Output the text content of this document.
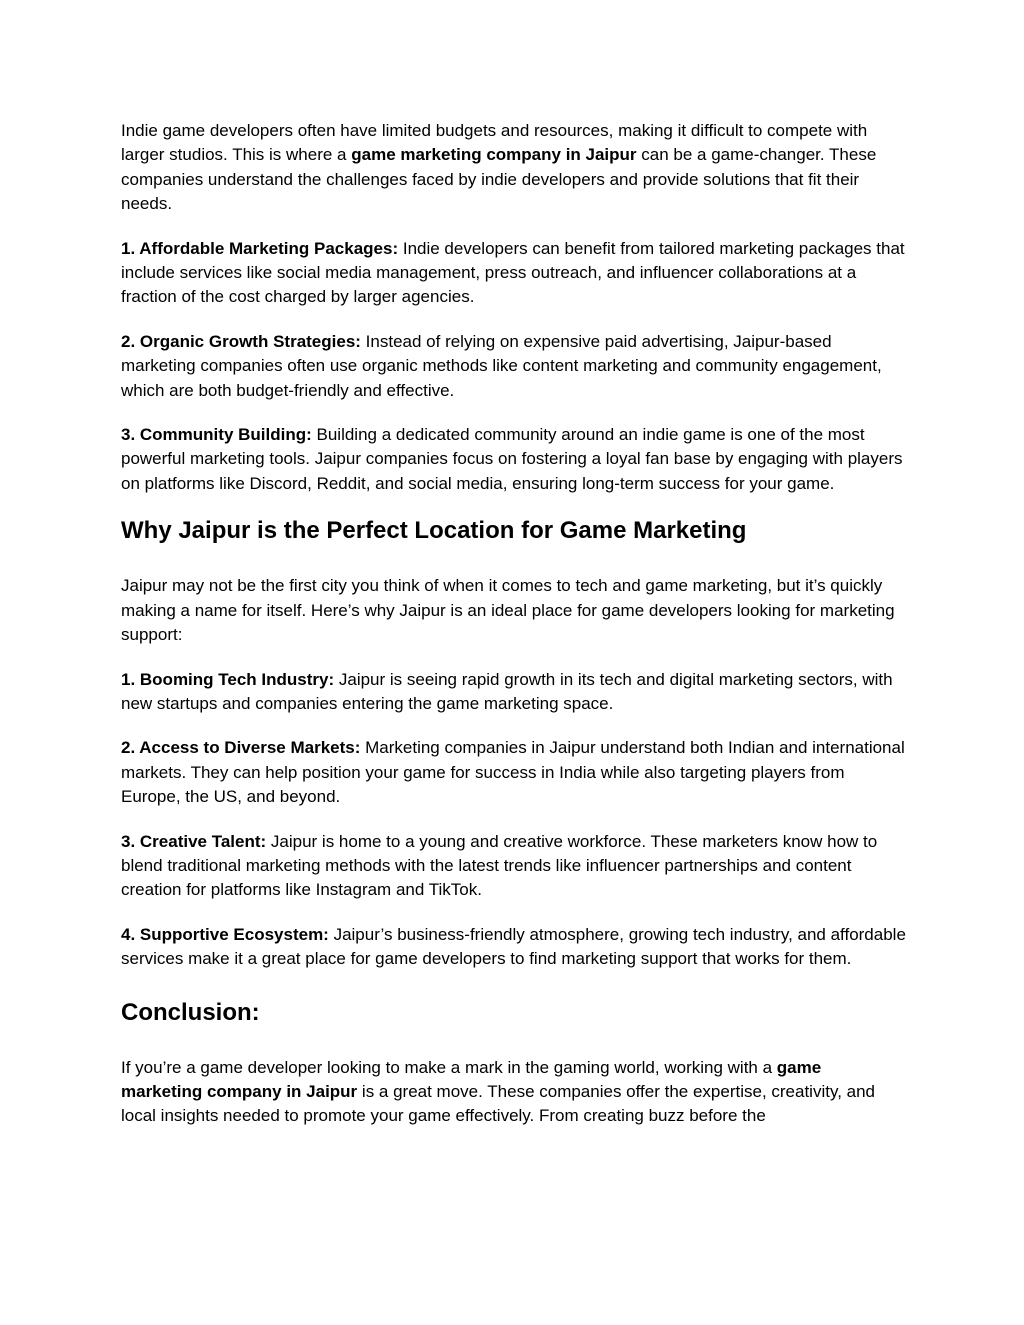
Indie game developers often have limited budgets and resources, making it difficult to compete with larger studios. This is where a game marketing company in Jaipur can be a game-changer. These companies understand the challenges faced by indie developers and provide solutions that fit their needs.

1. Affordable Marketing Packages: Indie developers can benefit from tailored marketing packages that include services like social media management, press outreach, and influencer collaborations at a fraction of the cost charged by larger agencies.

2. Organic Growth Strategies: Instead of relying on expensive paid advertising, Jaipur-based marketing companies often use organic methods like content marketing and community engagement, which are both budget-friendly and effective.

3. Community Building: Building a dedicated community around an indie game is one of the most powerful marketing tools. Jaipur companies focus on fostering a loyal fan base by engaging with players on platforms like Discord, Reddit, and social media, ensuring long-term success for your game.

Why Jaipur is the Perfect Location for Game Marketing

Jaipur may not be the first city you think of when it comes to tech and game marketing, but it’s quickly making a name for itself. Here’s why Jaipur is an ideal place for game developers looking for marketing support:

1. Booming Tech Industry: Jaipur is seeing rapid growth in its tech and digital marketing sectors, with new startups and companies entering the game marketing space.

2. Access to Diverse Markets: Marketing companies in Jaipur understand both Indian and international markets. They can help position your game for success in India while also targeting players from Europe, the US, and beyond.

3. Creative Talent: Jaipur is home to a young and creative workforce. These marketers know how to blend traditional marketing methods with the latest trends like influencer partnerships and content creation for platforms like Instagram and TikTok.

4. Supportive Ecosystem: Jaipur’s business-friendly atmosphere, growing tech industry, and affordable services make it a great place for game developers to find marketing support that works for them.

Conclusion:

If you’re a game developer looking to make a mark in the gaming world, working with a game marketing company in Jaipur is a great move. These companies offer the expertise, creativity, and local insights needed to promote your game effectively. From creating buzz before the
